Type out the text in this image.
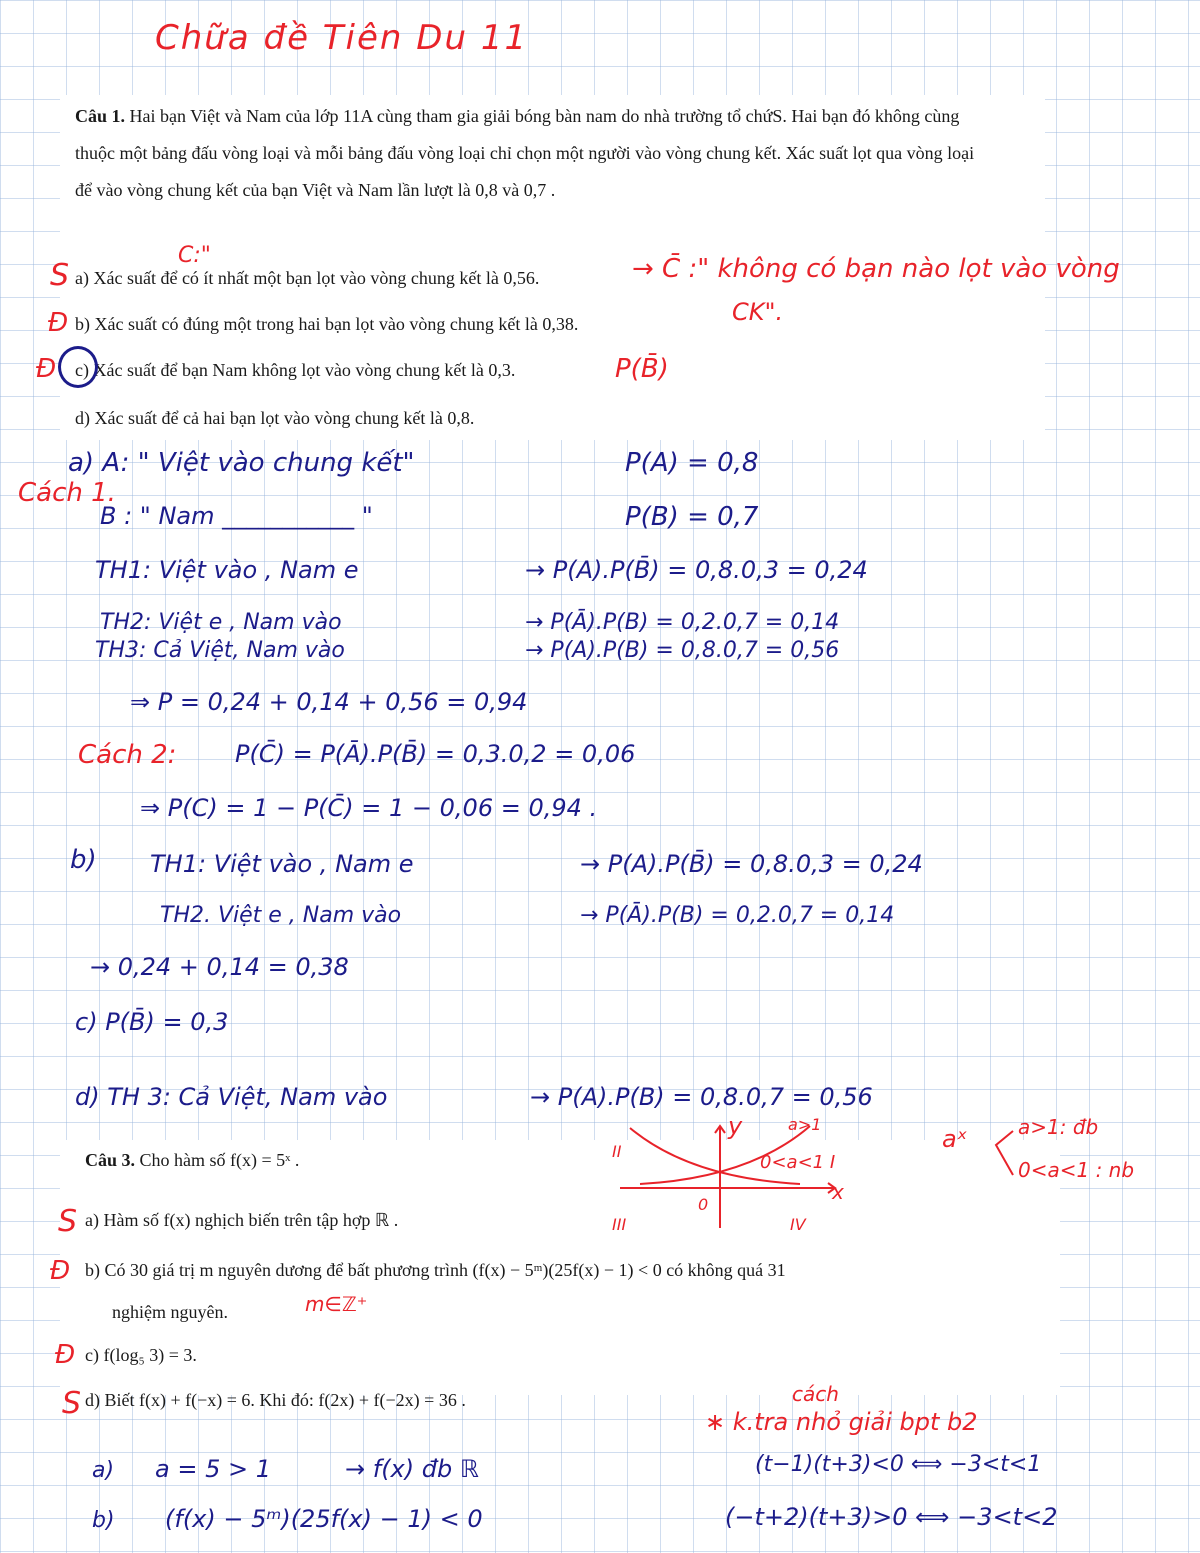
Chữa đề Tiên Du 11
Câu 1. Hai bạn Việt và Nam của lớp 11A cùng tham gia giải bóng bàn nam do nhà trường tổ chứS. Hai bạn đó không cùng thuộc một bảng đấu vòng loại và mỗi bảng đấu vòng loại chỉ chọn một người vào vòng chung kết. Xác suất lọt qua vòng loại để vào vòng chung kết của bạn Việt và Nam lần lượt là 0,8 và 0,7 .
a) Xác suất để có ít nhất một bạn lọt vào vòng chung kết là 0,56.
b) Xác suất có đúng một trong hai bạn lọt vào vòng chung kết là 0,38.
c) Xác suất để bạn Nam không lọt vào vòng chung kết là 0,3.
d) Xác suất để cả hai bạn lọt vào vòng chung kết là 0,8.
S
Đ
Đ
C:"	→ C̄ :" không có bạn nào lọt vào vòng
CK".
P(B̄)
a) A: " Việt vào chung kết"	P(A) = 0,8
Cách 1.
B : " Nam ___________ "	P(B) = 0,7
TH1: Việt vào , Nam e	→ P(A).P(B̄) = 0,8.0,3 = 0,24
TH2: Việt e , Nam vào	→ P(Ā).P(B) = 0,2.0,7 = 0,14
TH3: Cả Việt, Nam vào	→ P(A).P(B) = 0,8.0,7 = 0,56
⇒ P = 0,24 + 0,14 + 0,56 = 0,94
Cách 2: P(C̄) = P(Ā).P(B̄) = 0,3.0,2 = 0,06
⇒ P(C) = 1 − P(C̄) = 1 − 0,06 = 0,94 .
b) TH1: Việt vào , Nam e	→ P(A).P(B̄) = 0,8.0,3 = 0,24
TH2. Việt e , Nam vào	→ P(Ā).P(B) = 0,2.0,7 = 0,14
→ 0,24 + 0,14 = 0,38
c) P(B̄) = 0,3
d) TH 3: Cả Việt, Nam vào	→ P(A).P(B) = 0,8.0,7 = 0,56
Câu 3. Cho hàm số f(x) = 5ˣ .
a) Hàm số f(x) nghịch biến trên tập hợp ℝ .
b) Có 30 giá trị m nguyên dương để bất phương trình (f(x) − 5ᵐ)(25f(x) − 1) < 0 có không quá 31
nghiệm nguyên.
c) f(log₅ 3) = 3.
d) Biết f(x) + f(−x) = 6. Khi đó: f(2x) + f(−2x) = 36 .
S
Đ
Đ
S
y
x
0
a>1
0<a<1 I
II
III	IV
aˣ	a>1: đb
0<a<1 : nb
m∈ℤ⁺
cách
∗ k.tra nhỏ giải bpt b2
(t−1)(t+3)<0 ⟺ −3<t<1
(−t+2)(t+3)>0 ⟺ −3<t<2
a) a = 5 > 1	→ f(x) đb ℝ
b) (f(x) − 5ᵐ)(25f(x) − 1) < 0
